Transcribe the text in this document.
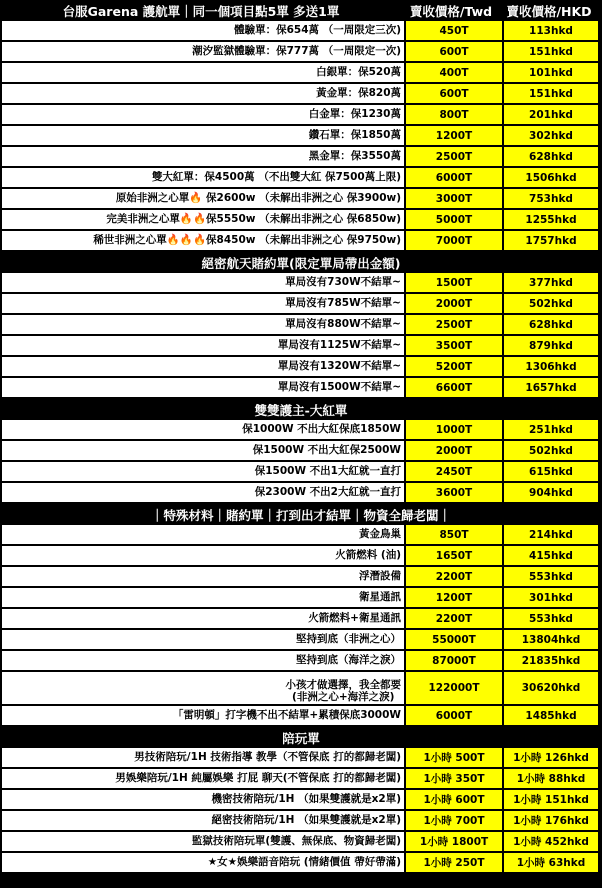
台服Garena 護航單｜同一個項目點5單 多送1單	賣收價格/Twd	賣收價格/HKD
體驗單：保654萬 （一周限定三次)	450T	113hkd
潮汐監獄體驗單：保777萬 （一周限定一次)	600T	151hkd
白銀單：保520萬	400T	101hkd
黃金單：保820萬	600T	151hkd
白金單：保1230萬	800T	201hkd
鑽石單：保1850萬	1200T	302hkd
黑金單：保3550萬	2500T	628hkd
雙大紅單：保4500萬 （不出雙大紅 保7500萬上限)	6000T	1506hkd
原始非洲之心單🔥 保2600w （未解出非洲之心 保3900w)	3000T	753hkd
完美非洲之心單🔥🔥保5550w （未解出非洲之心 保6850w)	5000T	1255hkd
稀世非洲之心單🔥🔥🔥保8450w （未解出非洲之心 保9750w)	7000T	1757hkd
絕密航天賭約單(限定單局帶出金額)
單局沒有730W不結單~	1500T	377hkd
單局沒有785W不結單~	2000T	502hkd
單局沒有880W不結單~	2500T	628hkd
單局沒有1125W不結單~	3500T	879hkd
單局沒有1320W不結單~	5200T	1306hkd
單局沒有1500W不結單~	6600T	1657hkd
雙雙護主-大紅單
保1000W 不出大紅保底1850W	1000T	251hkd
保1500W 不出大紅保2500W	2000T	502hkd
保1500W 不出1大紅就一直打	2450T	615hkd
保2300W 不出2大紅就一直打	3600T	904hkd
｜特殊材料｜賭約單｜打到出才結單｜物資全歸老闆｜
黃金鳥巢	850T	214hkd
火箭燃料 (油)	1650T	415hkd
浮潛設備	2200T	553hkd
衛星通訊	1200T	301hkd
火箭燃料+衛星通訊	2200T	553hkd
堅持到底（非洲之心）	55000T	13804hkd
堅持到底（海洋之淚）	87000T	21835hkd
小孩才做選擇，我全都要
(非洲之心+海洋之淚)
122000T	30620hkd
「雷明頓」打字機不出不結單+累積保底3000W	6000T	1485hkd
陪玩單
男技術陪玩/1H 技術指導 教學（不管保底 打的都歸老闆)	1小時 500T	1小時 126hkd
男娛樂陪玩/1H 純屬娛樂 打屁 聊天(不管保底 打的都歸老闆)	1小時 350T	1小時 88hkd
機密技術陪玩/1H （如果雙護就是x2單)	1小時 600T	1小時 151hkd
絕密技術陪玩/1H （如果雙護就是x2單)	1小時 700T	1小時 176hkd
監獄技術陪玩單(雙護、無保底、物資歸老闆)	1小時 1800T	1小時 452hkd
★女★娛樂語音陪玩 (情緒價值 帶好帶滿)	1小時 250T	1小時 63hkd
